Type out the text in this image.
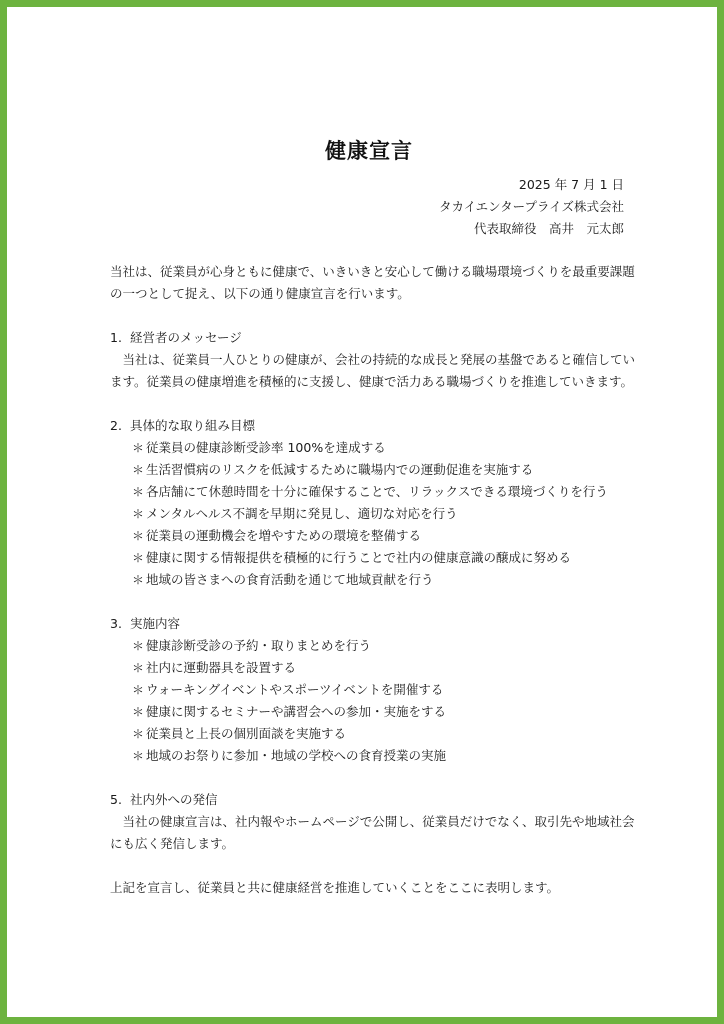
健康宣言
2025 年 7 月 1 日
タカイエンタープライズ株式会社
代表取締役　高井　元太郎

当社は、従業員が心身ともに健康で、いきいきと安心して働ける職場環境づくりを最重要課題の一つとして捉え、以下の通り健康宣言を行います。

1. 経営者のメッセージ

当社は、従業員一人ひとりの健康が、会社の持続的な成長と発展の基盤であると確信しています。従業員の健康増進を積極的に支援し、健康で活力ある職場づくりを推進していきます。

2. 具体的な取り組み目標

＊ 従業員の健康診断受診率 100%を達成する
＊ 生活習慣病のリスクを低減するために職場内での運動促進を実施する
＊ 各店舗にて休憩時間を十分に確保することで、リラックスできる環境づくりを行う
＊ メンタルヘルス不調を早期に発見し、適切な対応を行う
＊ 従業員の運動機会を増やすための環境を整備する
＊ 健康に関する情報提供を積極的に行うことで社内の健康意識の醸成に努める
＊ 地域の皆さまへの食育活動を通じて地域貢献を行う

3. 実施内容

＊ 健康診断受診の予約・取りまとめを行う
＊ 社内に運動器具を設置する
＊ ウォーキングイベントやスポーツイベントを開催する
＊ 健康に関するセミナーや講習会への参加・実施をする
＊ 従業員と上長の個別面談を実施する
＊ 地域のお祭りに参加・地域の学校への食育授業の実施

5. 社内外への発信

当社の健康宣言は、社内報やホームページで公開し、従業員だけでなく、取引先や地域社会にも広く発信します。

上記を宣言し、従業員と共に健康経営を推進していくことをここに表明します。
